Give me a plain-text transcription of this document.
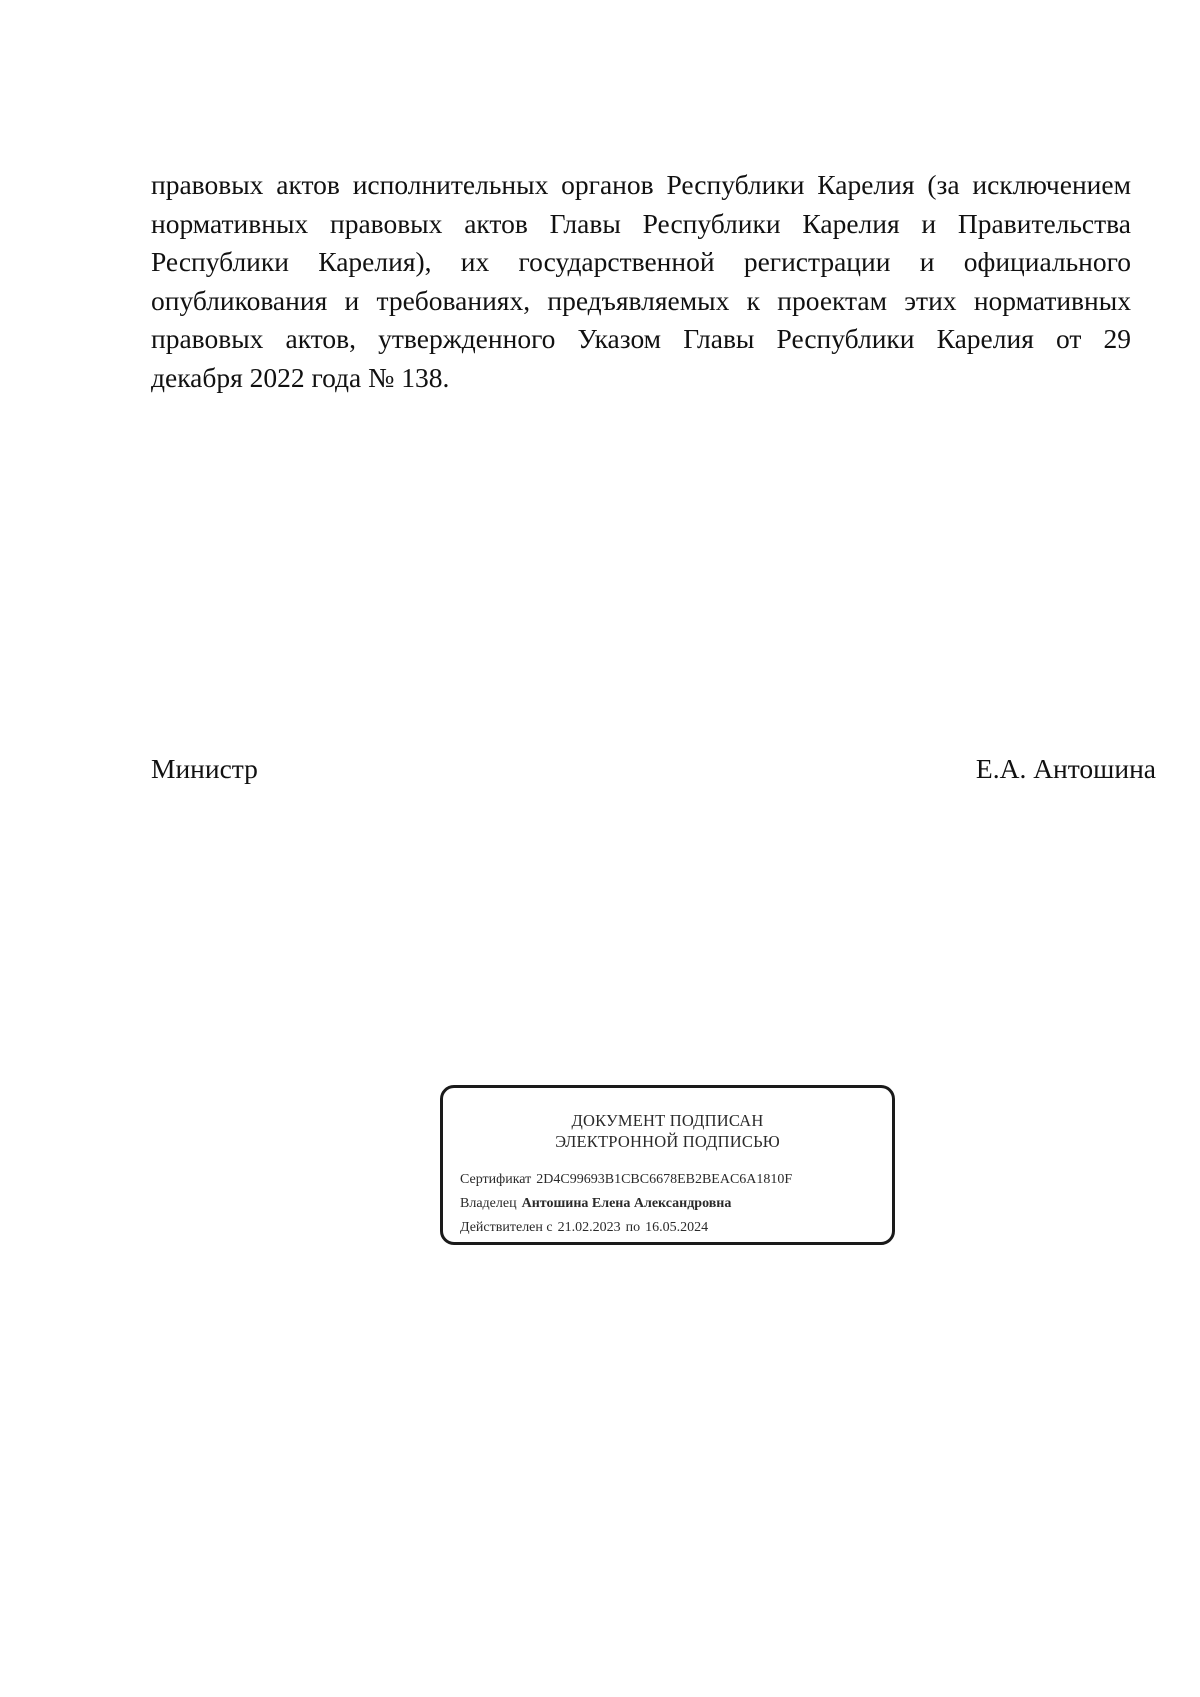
правовых актов исполнительных органов Республики Карелия (за исключением
нормативных правовых актов Главы Республики Карелия и Правительства
Республики Карелия), их государственной регистрации и официального
опубликования и требованиях, предъявляемых к проектам этих нормативных
правовых актов, утвержденного Указом Главы Республики Карелия от 29
декабря 2022 года № 138.
Министр	Е.А. Антошина
ДОКУМЕНТ ПОДПИСАН
ЭЛЕКТРОННОЙ ПОДПИСЬЮ
Сертификат 2D4C99693B1CBC6678EB2BEAC6A1810F
Владелец Антошина Елена Александровна
Действителен с 21.02.2023 по 16.05.2024
